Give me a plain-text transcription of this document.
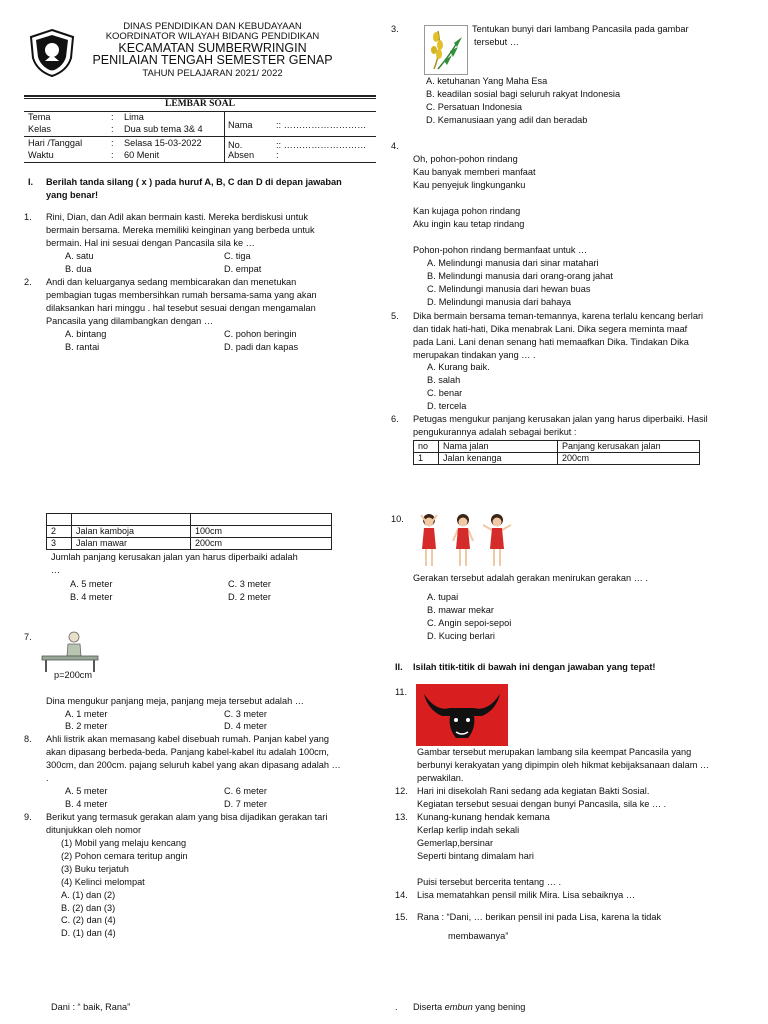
DINAS PENDIDIKAN DAN KEBUDAYAAN
KOORDINATOR WILAYAH BIDANG PENDIDIKAN
KECAMATAN SUMBERWRINGIN
PENILAIAN TENGAH SEMESTER GENAP
TAHUN PELAJARAN 2021/ 2022
LEMBAR SOAL
Tema	: Lima
Kelas	: Dua sub tema 3& 4
Hari /Tanggal	: Selasa 15-03-2022
Waktu	: 60 Menit
Nama	:: ………………………
No.	:: ………………………
Absen :
I. Berilah tanda silang ( x ) pada huruf A, B, C dan D di depan jawaban
yang benar!
1. Rini, Dian, dan Adil akan bermain kasti. Mereka berdiskusi untuk
bermain bersama. Mereka memiliki keinginan yang berbeda untuk
bermain. Hal ini sesuai dengan Pancasila sila ke …
A. satu	C. tiga
B. dua	D. empat
2. Andi dan keluarganya sedang membicarakan dan menetukan
pembagian tugas membersihkan rumah bersama-sama yang akan
dilaksankan hari minggu . hal tesebut sesuai dengan mengamalan
Pancasila yang dilambangkan dengan …
A. bintang	C. pohon beringin
B. rantai	D. padi dan kapas

2	Jalan kamboja	100cm
3	Jalan mawar	200cm
Jumlah panjang kerusakan jalan yan harus diperbaiki adalah
…
A. 5 meter	C. 3 meter
B. 4 meter	D. 2 meter
7.
p=200cm
Dina mengukur panjang meja, panjang meja tersebut adalah …
A. 1 meter	C. 3 meter
B. 2 meter	D. 4 meter
8. Ahli listrik akan memasang kabel disebuah rumah. Panjan kabel yang
akan dipasang berbeda-beda. Panjang kabel-kabel itu adalah 100cm,
300cm, dan 200cm. pajang seluruh kabel yang akan dipasang adalah …
.
A. 5 meter	C. 6 meter
B. 4 meter	D. 7 meter
9. Berikut yang termasuk gerakan alam yang bisa dijadikan gerakan tari
ditunjukkan oleh nomor
(1) Mobil yang melaju kencang
(2) Pohon cemara teritup angin
(3) Buku terjatuh
(4) Kelinci melompat
A. (1) dan (2)
B. (2) dan (3)
C. (2) dan (4)
D. (1) dan (4)
Dani : “ baik, Rana”
3.	Tentukan bunyi dari lambang Pancasila pada gambar
tersebut …
A. ketuhanan Yang Maha Esa
B. keadilan sosial bagi seluruh rakyat Indonesia
C. Persatuan Indonesia
D. Kemanusiaan yang adil dan beradab
4.
Oh, pohon-pohon rindang
Kau banyak memberi manfaat
Kau penyejuk lingkunganku
Kan kujaga pohon rindang
Aku ingin kau tetap rindang
Pohon-pohon rindang bermanfaat untuk …
A. Melindungi manusia dari sinar matahari
B. Melindungi manusia dari orang-orang jahat
C. Melindungi manusia dari hewan buas
D. Melindungi manusia dari bahaya
5. Dika bermain bersama teman-temannya, karena terlalu kencang berlari
dan tidak hati-hati, Dika menabrak Lani. Dika segera meminta maaf
pada Lani. Lani denan senang hati memaafkan Dika. Tindakan Dika
merupakan tindakan yang … .
A. Kurang baik.
B. salah
C. benar
D. tercela
6. Petugas mengukur panjang kerusakan jalan yang harus diperbaiki. Hasil
pengukurannya adalah sebagai berikut :
no	Nama jalan	Panjang kerusakan jalan
1	Jalan kenanga	200cm
10.
Gerakan tersebut adalah gerakan menirukan gerakan … .
A. tupai
B. mawar mekar
C. Angin sepoi-sepoi
D. Kucing berlari
II. Isilah titik-titik di bawah ini dengan jawaban yang tepat!
11.
Gambar tersebut merupakan lambang sila keempat Pancasila yang
berbunyi kerakyatan yang dipimpin oleh hikmat kebijaksanaan dalam …
perwakilan.
12. Hari ini disekolah Rani sedang ada kegiatan Bakti Sosial.
Kegiatan tersebut sesuai dengan bunyi Pancasila, sila ke … .
13. Kunang-kunang hendak kemana
Kerlap kerlip indah sekali
Gemerlap,bersinar
Seperti bintang dimalam hari
Puisi tersebut bercerita tentang … .
14. Lisa mematahkan pensil milik Mira. Lisa sebaiknya …
15. Rana : “Dani, … berikan pensil ini pada Lisa, karena la tidak
membawanya”
. Diserta embun yang bening
